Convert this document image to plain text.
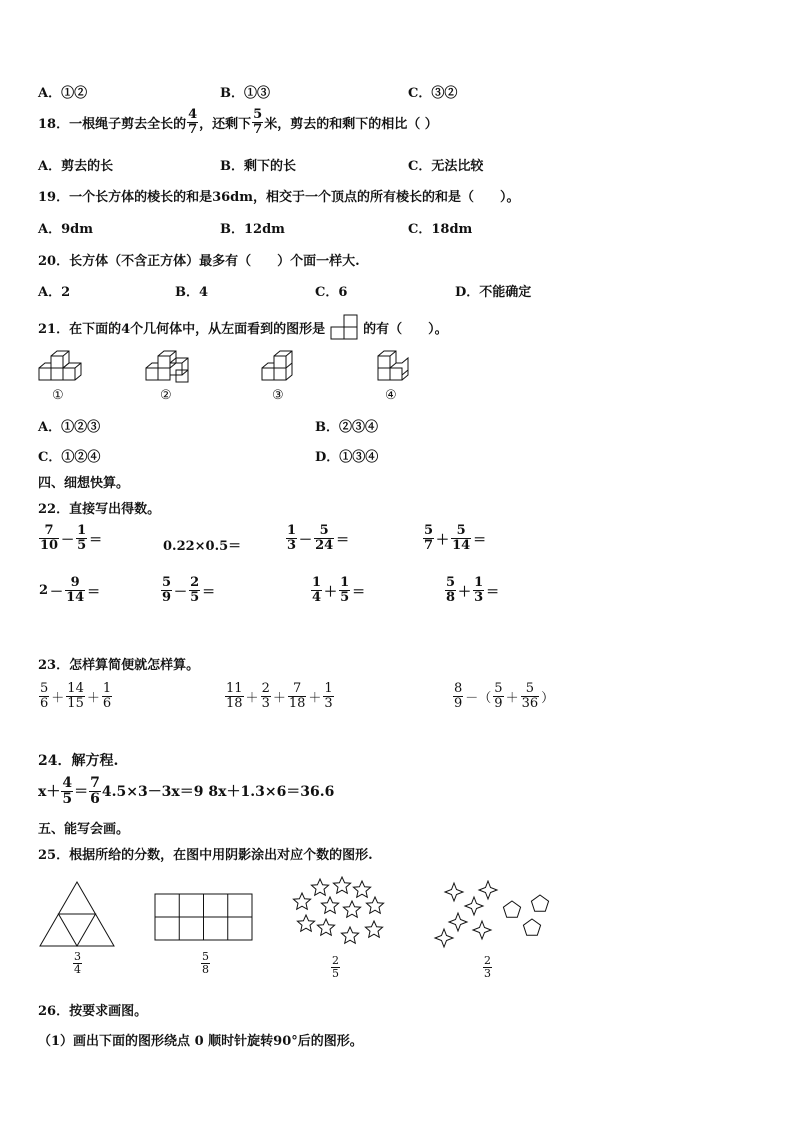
A．①②	B．①③	C．③②
18．一根绳子剪去全长的 $\frac{4}{7}$ ，还剩下 $\frac{5}{7}$ 米，剪去的和剩下的相比（ ）
A．剪去的长	B．剩下的长	C．无法比较
19．一个长方体的棱长的和是36dm，相交于一个顶点的所有棱长的和是（　　）。
A．9dm	B．12dm	C．18dm
20．长方体（不含正方体）最多有（　　）个面一样大.
A．2	B．4	C．6	D．不能确定
21．在下面的4个几何体中，从左面看到的图形是	的有（　　）。
①	②	③	④
A．①②③	B．②③④
C．①②④	D．①③④
四、细想快算。
22．直接写出得数。
$\frac{7}{10} - \frac{1}{5}$ ＝	0.22×0.5＝	$\frac{1}{3} - \frac{5}{24}$ ＝	$\frac{5}{7} + \frac{5}{14}$ ＝
$2 - \frac{9}{14}$ ＝	$\frac{5}{9} - \frac{2}{5}$ ＝	$\frac{1}{4} + \frac{1}{5}$ ＝	$\frac{5}{8} + \frac{1}{3}$ ＝
23．怎样算简便就怎样算。
$\frac{5}{6} + \frac{14}{15} + \frac{1}{6}$	$\frac{11}{18} + \frac{2}{3} + \frac{7}{18} + \frac{1}{3}$	$\frac{8}{9}$ －（ $\frac{5}{9} + \frac{5}{36}$ ）
24．解方程.
$x+ \frac{4}{5} = \frac{7}{6} 4.5\times 3-3x=9$ 8x＋1.3×6＝36.6
五、能写会画。
25．根据所给的分数，在图中用阴影涂出对应个数的图形.
$\frac{3}{4}$	$\frac{5}{8}$	$\frac{2}{5}$	$\frac{2}{3}$
26．按要求画图。
（1）画出下面的图形绕点 0 顺时针旋转90°后的图形。
